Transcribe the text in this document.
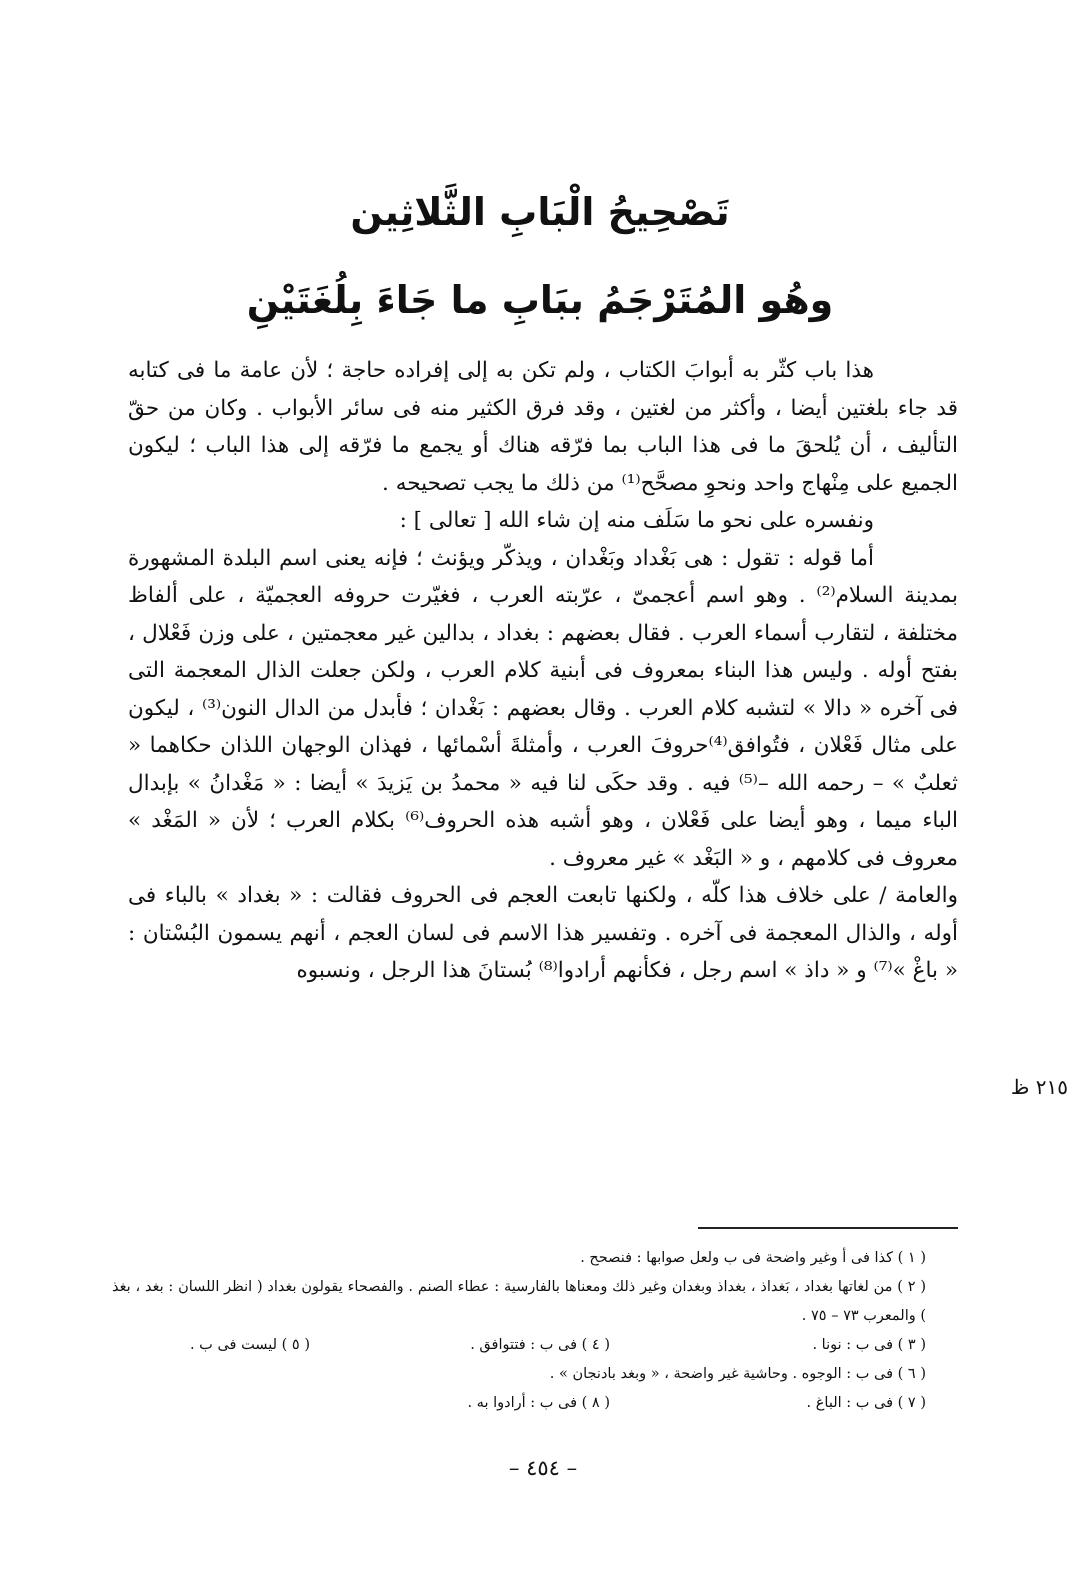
تَصْحِيحُ الْبَابِ الثَّلاثِين
وهُو المُتَرْجَمُ ببَابِ ما جَاءَ بِلُغَتَيْنِ

هذا باب كثّر به أبوابَ الكتاب ، ولم تكن به إلى إفراده حاجة ؛ لأن عامة ما فى كتابه قد جاء بلغتين أيضا ، وأكثر من لغتين ، وقد فرق الكثير منه فى سائر الأبواب . وكان من حقّ التأليف ، أن يُلحقَ ما فى هذا الباب بما فرّقه هناك أو يجمع ما فرّقه إلى هذا الباب ؛ ليكون الجميع على مِنْهاج واحد ونحوِ مصحَّح⁽¹⁾ من ذلك ما يجب تصحيحه .

ونفسره على نحو ما سَلَف منه إن شاء الله [ تعالى ] :

أما قوله : تقول : هى بَغْداد وبَغْدان ، ويذكّر ويؤنث ؛ فإنه يعنى اسم البلدة المشهورة بمدينة السلام⁽²⁾ . وهو اسم أعجمىّ ، عرّبته العرب ، فغيّرت حروفه العجميّة ، على ألفاظ مختلفة ، لتقارب أسماء العرب . فقال بعضهم : بغداد ، بدالين غير معجمتين ، على وزن فَعْلال ، بفتح أوله . وليس هذا البناء بمعروف فى أبنية كلام العرب ، ولكن جعلت الذال المعجمة التى فى آخره « دالا » لتشبه كلام العرب . وقال بعضهم : بَغْدان ؛ فأبدل من الدال النون⁽³⁾ ، ليكون على مثال فَعْلان ، فتُوافق⁽⁴⁾حروفَ العرب ، وأمثلةَ أسْمائها ، فهذان الوجهان اللذان حكاهما « ثعلبٌ » – رحمه الله –⁽⁵⁾ فيه . وقد حكَى لنا فيه « محمدُ بن يَزيدَ » أيضا : « مَغْدانُ » بإبدال الباء ميما ، وهو أيضا على فَعْلان ، وهو أشبه هذه الحروف⁽⁶⁾ بكلام العرب ؛ لأن « المَغْد » معروف فى كلامهم ، و « البَغْد » غير معروف .

والعامة / على خلاف هذا كلّه ، ولكنها تابعت العجم فى الحروف فقالت : « بغداد » بالباء فى أوله ، والذال المعجمة فى آخره . وتفسير هذا الاسم فى لسان العجم ، أنهم يسمون البُسْتان : « باغْ »⁽⁷⁾ و « داذ » اسم رجل ، فكأنهم أرادوا⁽⁸⁾ بُستانَ هذا الرجل ، ونسبوه

٢١٥ ظ

( ١ ) كذا فى أ وغير واضحة فى ب ولعل صوابها : فنصحح .

( ٢ ) من لغاتها بغداد ، بَغداذ ، بغداذ وبغدان وغير ذلك ومعناها بالفارسية : عطاء الصنم . والفصحاء يقولون بغداد ( انظر اللسان : بغد ، بغذ ) والمعرب ٧٣ – ٧٥ .

( ٣ ) فى ب : نونا .
( ٤ ) فى ب : فتتوافق .
( ٥ ) ليست فى ب .

( ٦ ) فى ب : الوجوه . وحاشية غير واضحة ، « وبغد بادنجان » .

( ٧ ) فى ب : الباغ .
( ٨ ) فى ب : أرادوا به .
– ٤٥٤ –
